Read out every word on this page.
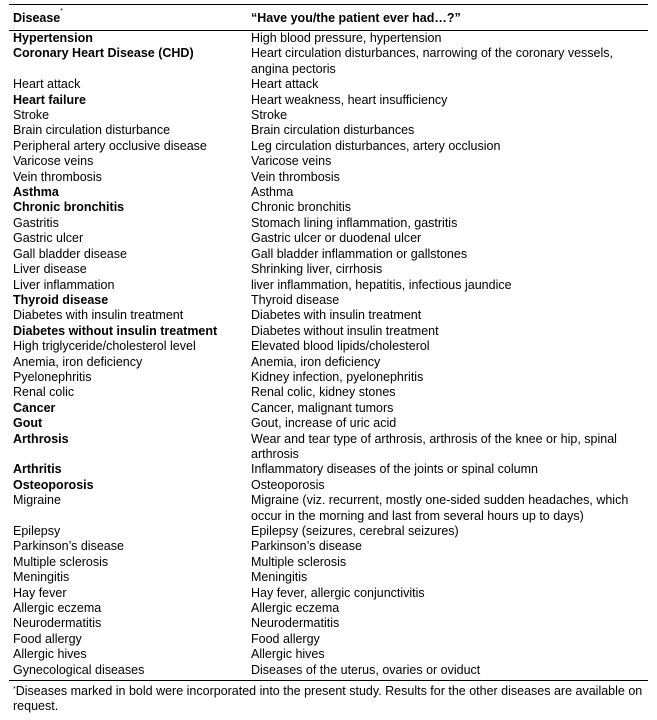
Disease*	“Have you/the patient ever had…?”
Hypertension	High blood pressure, hypertension
Coronary Heart Disease (CHD)	Heart circulation disturbances, narrowing of the coronary vessels, angina pectoris
Heart attack	Heart attack
Heart failure	Heart weakness, heart insufficiency
Stroke	Stroke
Brain circulation disturbance	Brain circulation disturbances
Peripheral artery occlusive disease	Leg circulation disturbances, artery occlusion
Varicose veins	Varicose veins
Vein thrombosis	Vein thrombosis
Asthma	Asthma
Chronic bronchitis	Chronic bronchitis
Gastritis	Stomach lining inflammation, gastritis
Gastric ulcer	Gastric ulcer or duodenal ulcer
Gall bladder disease	Gall bladder inflammation or gallstones
Liver disease	Shrinking liver, cirrhosis
Liver inflammation	liver inflammation, hepatitis, infectious jaundice
Thyroid disease	Thyroid disease
Diabetes with insulin treatment	Diabetes with insulin treatment
Diabetes without insulin treatment	Diabetes without insulin treatment
High triglyceride/cholesterol level	Elevated blood lipids/cholesterol
Anemia, iron deficiency	Anemia, iron deficiency
Pyelonephritis	Kidney infection, pyelonephritis
Renal colic	Renal colic, kidney stones
Cancer	Cancer, malignant tumors
Gout	Gout, increase of uric acid
Arthrosis	Wear and tear type of arthrosis, arthrosis of the knee or hip, spinal arthrosis
Arthritis	Inflammatory diseases of the joints or spinal column
Osteoporosis	Osteoporosis
Migraine	Migraine (viz. recurrent, mostly one-sided sudden headaches, which occur in the morning and last from several hours up to days)
Epilepsy	Epilepsy (seizures, cerebral seizures)
Parkinson’s disease	Parkinson’s disease
Multiple sclerosis	Multiple sclerosis
Meningitis	Meningitis
Hay fever	Hay fever, allergic conjunctivitis
Allergic eczema	Allergic eczema
Neurodermatitis	Neurodermatitis
Food allergy	Food allergy
Allergic hives	Allergic hives
Gynecological diseases	Diseases of the uterus, ovaries or oviduct
*Diseases marked in bold were incorporated into the present study. Results for the other diseases are available on request.
